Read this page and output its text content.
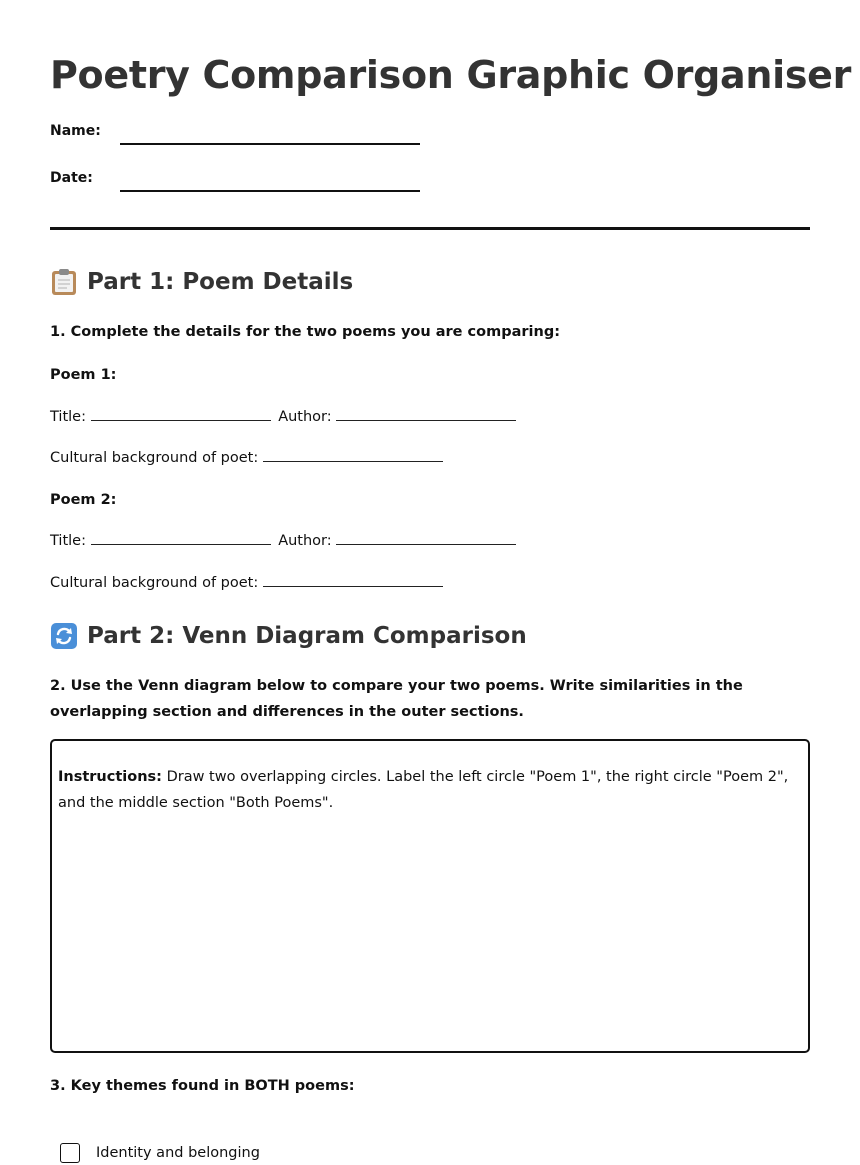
Poetry Comparison Graphic Organiser
Name:
Date:
Part 1: Poem Details

1. Complete the details for the two poems you are comparing:

Poem 1:
Title:	Author:
Cultural background of poet:
Poem 2:
Title:	Author:
Cultural background of poet:
Part 2: Venn Diagram Comparison

2. Use the Venn diagram below to compare your two poems. Write similarities in the overlapping section and differences in the outer sections.

Instructions: Draw two overlapping circles. Label the left circle "Poem 1", the right circle "Poem 2", and the middle section "Both Poems".

3. Key themes found in BOTH poems:

Identity and belonging
